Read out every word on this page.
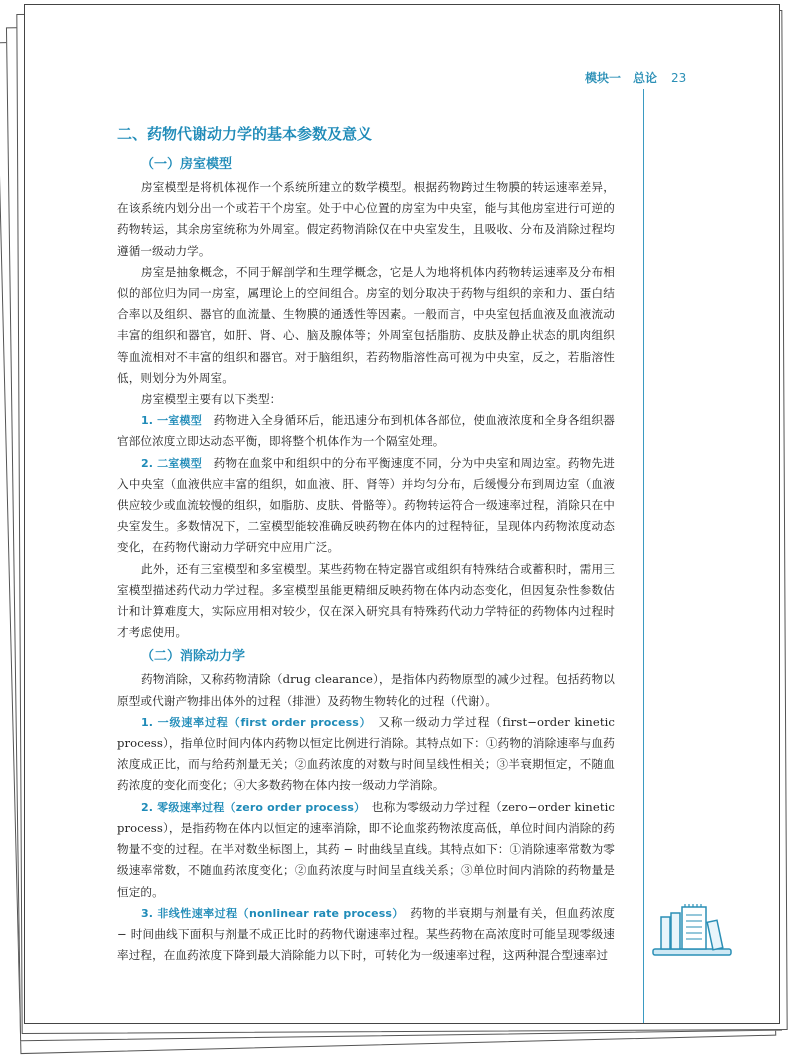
模块一　总论 23
二、药物代谢动力学的基本参数及意义
（一）房室模型

房室模型是将机体视作一个系统所建立的数学模型。根据药物跨过生物膜的转运速率差异，在该系统内划分出一个或若干个房室。处于中心位置的房室为中央室，能与其他房室进行可逆的药物转运，其余房室统称为外周室。假定药物消除仅在中央室发生，且吸收、分布及消除过程均遵循一级动力学。

房室是抽象概念，不同于解剖学和生理学概念，它是人为地将机体内药物转运速率及分布相似的部位归为同一房室，属理论上的空间组合。房室的划分取决于药物与组织的亲和力、蛋白结合率以及组织、器官的血流量、生物膜的通透性等因素。一般而言，中央室包括血液及血液流动丰富的组织和器官，如肝、肾、心、脑及腺体等；外周室包括脂肪、皮肤及静止状态的肌肉组织等血流相对不丰富的组织和器官。对于脑组织，若药物脂溶性高可视为中央室，反之，若脂溶性低，则划分为外周室。

房室模型主要有以下类型：

1. 一室模型　药物进入全身循环后，能迅速分布到机体各部位，使血液浓度和全身各组织器官部位浓度立即达动态平衡，即将整个机体作为一个隔室处理。

2. 二室模型　药物在血浆中和组织中的分布平衡速度不同，分为中央室和周边室。药物先进入中央室（血液供应丰富的组织，如血液、肝、肾等）并均匀分布，后缓慢分布到周边室（血液供应较少或血流较慢的组织，如脂肪、皮肤、骨骼等）。药物转运符合一级速率过程，消除只在中央室发生。多数情况下，二室模型能较准确反映药物在体内的过程特征，呈现体内药物浓度动态变化，在药物代谢动力学研究中应用广泛。

此外，还有三室模型和多室模型。某些药物在特定器官或组织有特殊结合或蓄积时，需用三室模型描述药代动力学过程。多室模型虽能更精细反映药物在体内动态变化，但因复杂性参数估计和计算难度大，实际应用相对较少，仅在深入研究具有特殊药代动力学特征的药物体内过程时才考虑使用。

（二）消除动力学

药物消除，又称药物清除（drug clearance），是指体内药物原型的减少过程。包括药物以原型或代谢产物排出体外的过程（排泄）及药物生物转化的过程（代谢）。

1. 一级速率过程（first order process）　又称一级动力学过程（first−order kinetic process），指单位时间内体内药物以恒定比例进行消除。其特点如下：①药物的消除速率与血药浓度成正比，而与给药剂量无关；②血药浓度的对数与时间呈线性相关；③半衰期恒定，不随血药浓度的变化而变化；④大多数药物在体内按一级动力学消除。

2. 零级速率过程（zero order process）　也称为零级动力学过程（zero−order kinetic process），是指药物在体内以恒定的速率消除，即不论血浆药物浓度高低，单位时间内消除的药物量不变的过程。在半对数坐标图上，其药 − 时曲线呈直线。其特点如下：①消除速率常数为零级速率常数，不随血药浓度变化；②血药浓度与时间呈直线关系；③单位时间内消除的药物量是恒定的。

3. 非线性速率过程（nonlinear rate process）　药物的半衰期与剂量有关，但血药浓度 − 时间曲线下面积与剂量不成正比时的药物代谢速率过程。某些药物在高浓度时可能呈现零级速率过程，在血药浓度下降到最大消除能力以下时，可转化为一级速率过程，这两种混合型速率过
